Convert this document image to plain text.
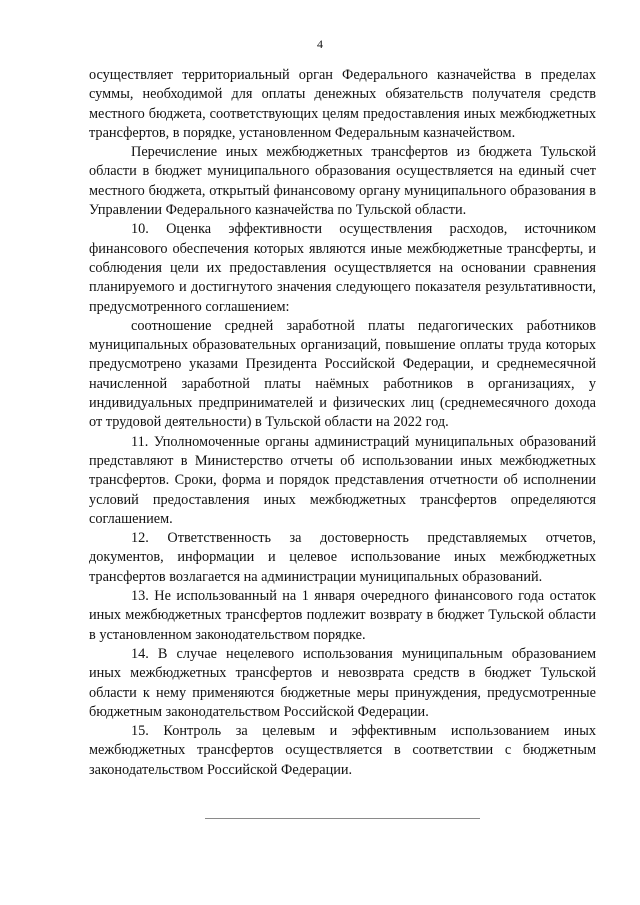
4

осуществляет территориальный орган Федерального казначейства в пределах суммы, необходимой для оплаты денежных обязательств получателя средств местного бюджета, соответствующих целям предоставления иных межбюджетных трансфертов, в порядке, установленном Федеральным казначейством.

Перечисление иных межбюджетных трансфертов из бюджета Тульской области в бюджет муниципального образования осуществляется на единый счет местного бюджета, открытый финансовому органу муниципального образования в Управлении Федерального казначейства по Тульской области.

10. Оценка эффективности осуществления расходов, источником финансового обеспечения которых являются иные межбюджетные трансферты, и соблюдения цели их предоставления осуществляется на основании сравнения планируемого и достигнутого значения следующего показателя результативности, предусмотренного соглашением:

соотношение средней заработной платы педагогических работников муниципальных образовательных организаций, повышение оплаты труда которых предусмотрено указами Президента Российской Федерации, и среднемесячной начисленной заработной платы наёмных работников в организациях, у индивидуальных предпринимателей и физических лиц (среднемесячного дохода от трудовой деятельности) в Тульской области на 2022 год.

11. Уполномоченные органы администраций муниципальных образований представляют в Министерство отчеты об использовании иных межбюджетных трансфертов. Сроки, форма и порядок представления отчетности об исполнении условий предоставления иных межбюджетных трансфертов определяются соглашением.

12. Ответственность за достоверность представляемых отчетов, документов, информации и целевое использование иных межбюджетных трансфертов возлагается на администрации муниципальных образований.

13. Не использованный на 1 января очередного финансового года остаток иных межбюджетных трансфертов подлежит возврату в бюджет Тульской области в установленном законодательством порядке.

14. В случае нецелевого использования муниципальным образованием иных межбюджетных трансфертов и невозврата средств в бюджет Тульской области к нему применяются бюджетные меры принуждения, предусмотренные бюджетным законодательством Российской Федерации.

15. Контроль за целевым и эффективным использованием иных межбюджетных трансфертов осуществляется в соответствии с бюджетным законодательством Российской Федерации.
